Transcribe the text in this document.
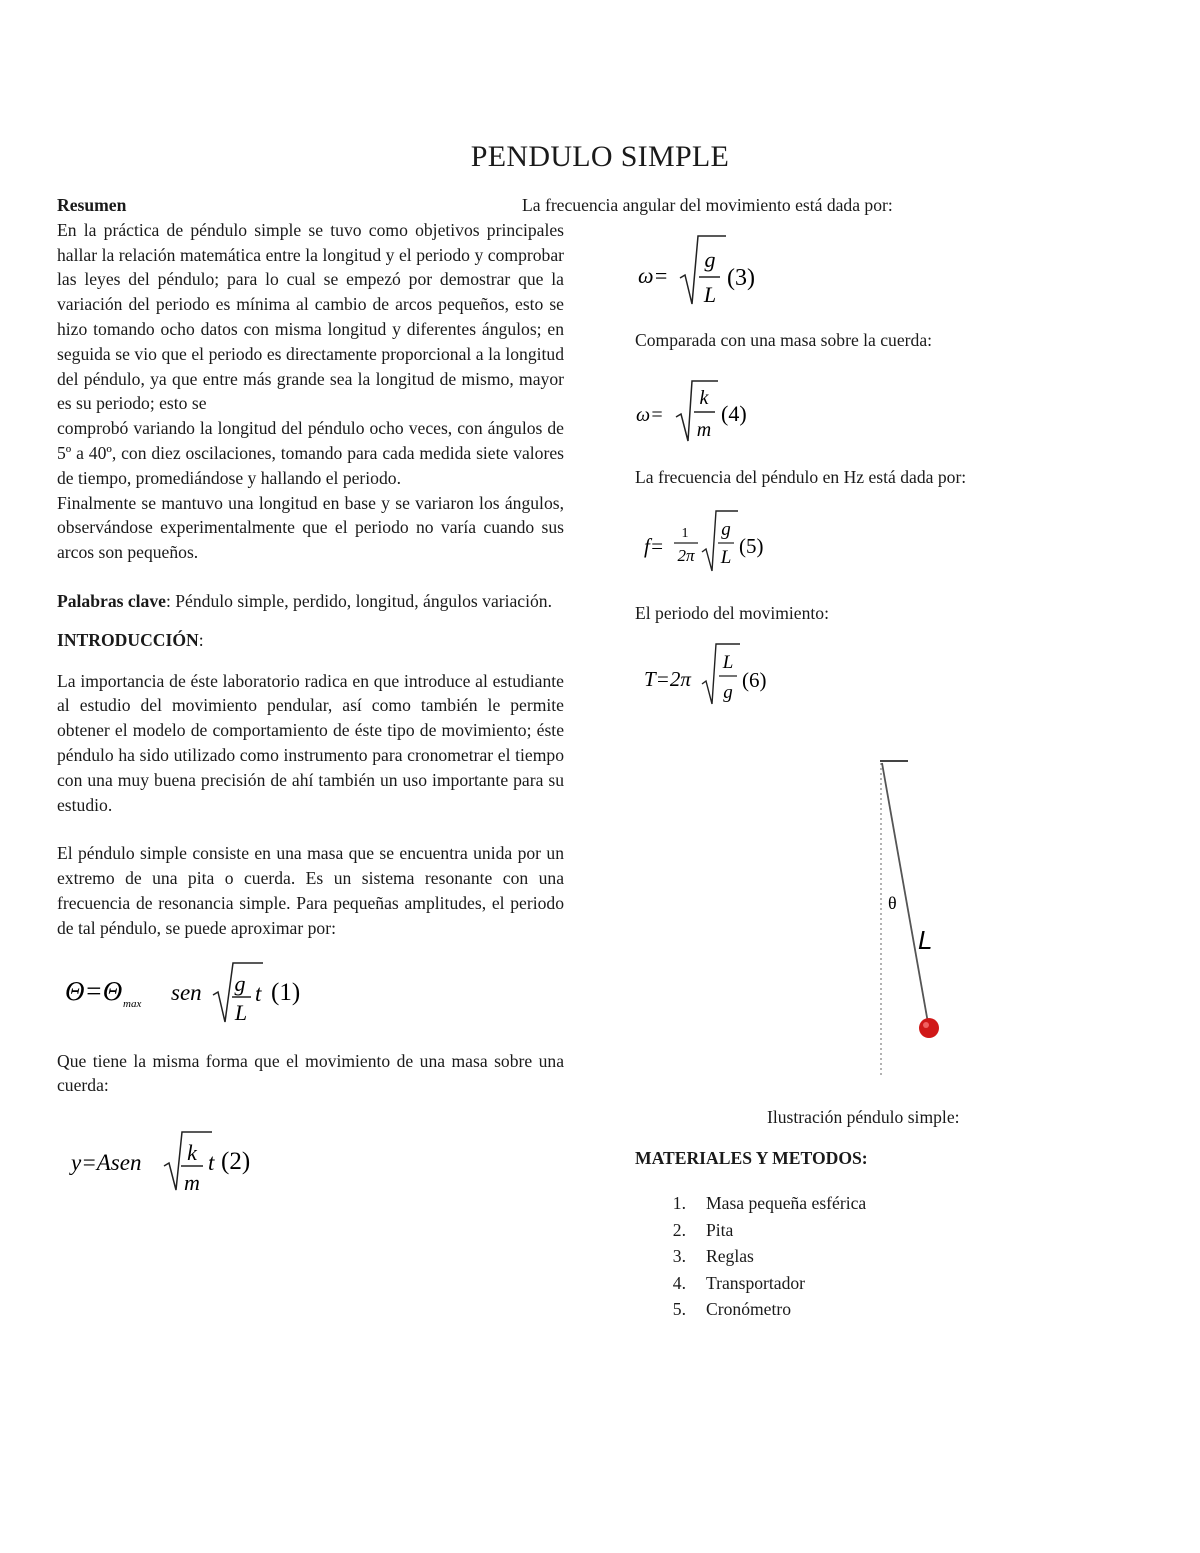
PENDULO SIMPLE

Resumen

En la práctica de péndulo simple se tuvo como objetivos principales hallar la relación matemática entre la longitud y el periodo y comprobar las leyes del péndulo; para lo cual se empezó por demostrar que la variación del periodo es mínima al cambio de arcos pequeños, esto se hizo tomando ocho datos con misma longitud y diferentes ángulos; en seguida se vio que el periodo es directamente proporcional a la longitud del péndulo, ya que entre más grande sea la longitud de mismo, mayor es su periodo; esto se

comprobó variando la longitud del péndulo ocho veces, con ángulos de 5º a 40º, con diez oscilaciones, tomando para cada medida siete valores de tiempo, promediándose y hallando el periodo.

Finalmente se mantuvo una longitud en base y se variaron los ángulos, observándose experimentalmente que el periodo no varía cuando sus arcos son pequeños.

Palabras clave: Péndulo simple, perdido, longitud, ángulos variación.

INTRODUCCIÓN:

La importancia de éste laboratorio radica en que introduce al estudiante al estudio del movimiento pendular, así como también le permite obtener el modelo de comportamiento de éste tipo de movimiento; éste péndulo ha sido utilizado como instrumento para cronometrar el tiempo con una muy buena precisión de ahí también un uso importante para su estudio.

El péndulo simple consiste en una masa que se encuentra unida por un extremo de una pita o cuerda. Es un sistema resonante con una frecuencia de resonancia simple. Para pequeñas amplitudes, el periodo de tal péndulo, se puede aproximar por:

Θ=Θ max sen g
L
t (1)

Que tiene la misma forma que el movimiento de una masa sobre una cuerda:

y=Asen k
m
t (2)

La frecuencia angular del movimiento está dada por:

ω=
g
L
(3)

Comparada con una masa sobre la cuerda:

ω=
k
m
(4)

La frecuencia del péndulo en Hz está dada por:

f=
1
2π
g
L (5)

El periodo del movimiento:

T=2π
L
g
(6)
θ
L
Ilustración péndulo simple:
MATERIALES Y METODOS:
1.	Masa pequeña esférica
2.	Pita
3.	Reglas
4.	Transportador
5.	Cronómetro
